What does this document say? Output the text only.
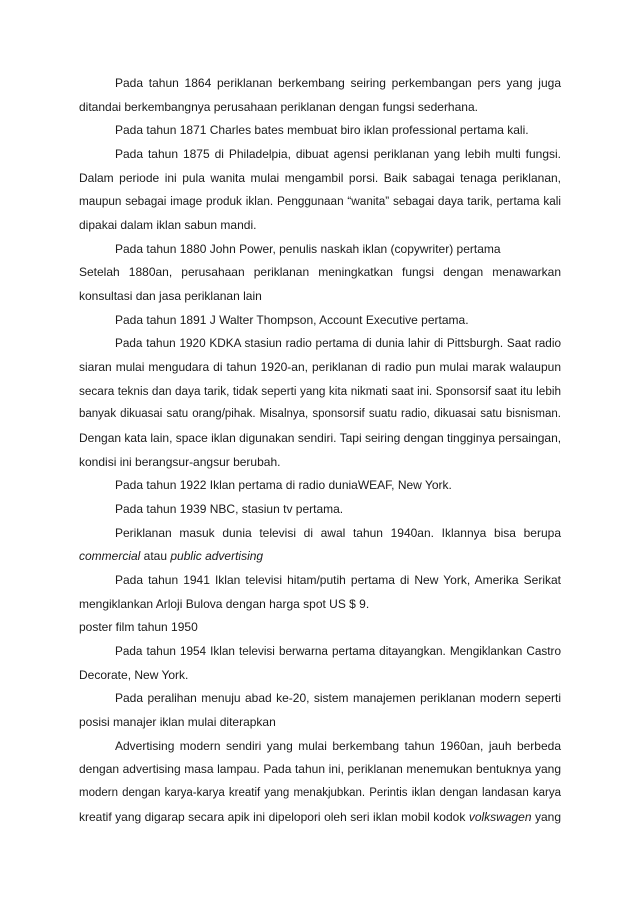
Pada tahun 1864 periklanan berkembang seiring perkembangan pers yang juga
ditandai berkembangnya perusahaan periklanan dengan fungsi sederhana.
Pada tahun 1871 Charles bates membuat biro iklan professional pertama kali.
Pada tahun 1875 di Philadelpia, dibuat agensi periklanan yang lebih multi fungsi.
Dalam periode ini pula wanita mulai mengambil porsi. Baik sabagai tenaga periklanan,
maupun sebagai image produk iklan. Penggunaan “wanita” sebagai daya tarik, pertama kali
dipakai dalam iklan sabun mandi.
Pada tahun 1880 John Power, penulis naskah iklan (copywriter) pertama
Setelah 1880an, perusahaan periklanan meningkatkan fungsi dengan menawarkan
konsultasi dan jasa periklanan lain
Pada tahun 1891 J Walter Thompson, Account Executive pertama.
Pada tahun 1920 KDKA stasiun radio pertama di dunia lahir di Pittsburgh. Saat radio
siaran mulai mengudara di tahun 1920-an, periklanan di radio pun mulai marak walaupun
secara teknis dan daya tarik, tidak seperti yang kita nikmati saat ini. Sponsorsif saat itu lebih
banyak dikuasai satu orang/pihak. Misalnya, sponsorsif suatu radio, dikuasai satu bisnisman.
Dengan kata lain, space iklan digunakan sendiri. Tapi seiring dengan tingginya persaingan,
kondisi ini berangsur-angsur berubah.
Pada tahun 1922 Iklan pertama di radio duniaWEAF, New York.
Pada tahun 1939 NBC, stasiun tv pertama.
Periklanan masuk dunia televisi di awal tahun 1940an. Iklannya bisa berupa
commercial atau public advertising
Pada tahun 1941 Iklan televisi hitam/putih pertama di New York, Amerika Serikat
mengiklankan Arloji Bulova dengan harga spot US $ 9.
poster film tahun 1950
Pada tahun 1954 Iklan televisi berwarna pertama ditayangkan. Mengiklankan Castro
Decorate, New York.
Pada peralihan menuju abad ke-20, sistem manajemen periklanan modern seperti
posisi manajer iklan mulai diterapkan
Advertising modern sendiri yang mulai berkembang tahun 1960an, jauh berbeda
dengan advertising masa lampau. Pada tahun ini, periklanan menemukan bentuknya yang
modern dengan karya-karya kreatif yang menakjubkan. Perintis iklan dengan landasan karya
kreatif yang digarap secara apik ini dipelopori oleh seri iklan mobil kodok volkswagen yang
